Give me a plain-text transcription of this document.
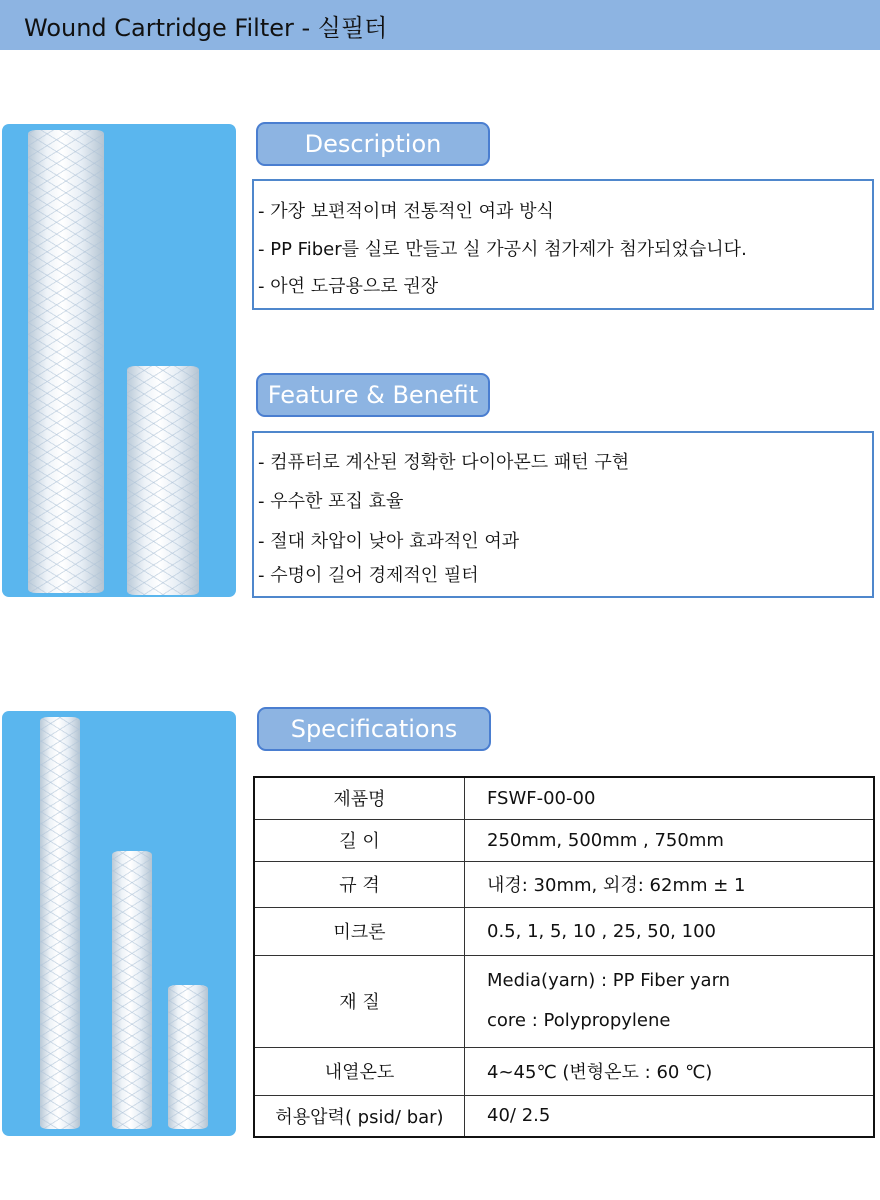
Wound Cartridge Filter - 실필터
Description
- 가장 보편적이며 전통적인 여과 방식
- PP Fiber를 실로 만들고 실 가공시 첨가제가 첨가되었습니다.
- 아연 도금용으로 권장
Feature & Benefit
- 컴퓨터로 계산된 정확한 다이아몬드 패턴 구현
- 우수한 포집 효율
- 절대 차압이 낮아 효과적인 여과
- 수명이 길어 경제적인 필터
Specifications
제품명	FSWF-00-00
길 이	250mm, 500mm , 750mm
규 격	내경: 30mm, 외경: 62mm ± 1
미크론	0.5, 1, 5, 10 , 25, 50, 100
재 질	Media(yarn) : PP Fiber yarn
core : Polypropylene

내열온도	4~45℃ (변형온도 : 60 ℃)
허용압력( psid/ bar)	40/ 2.5
